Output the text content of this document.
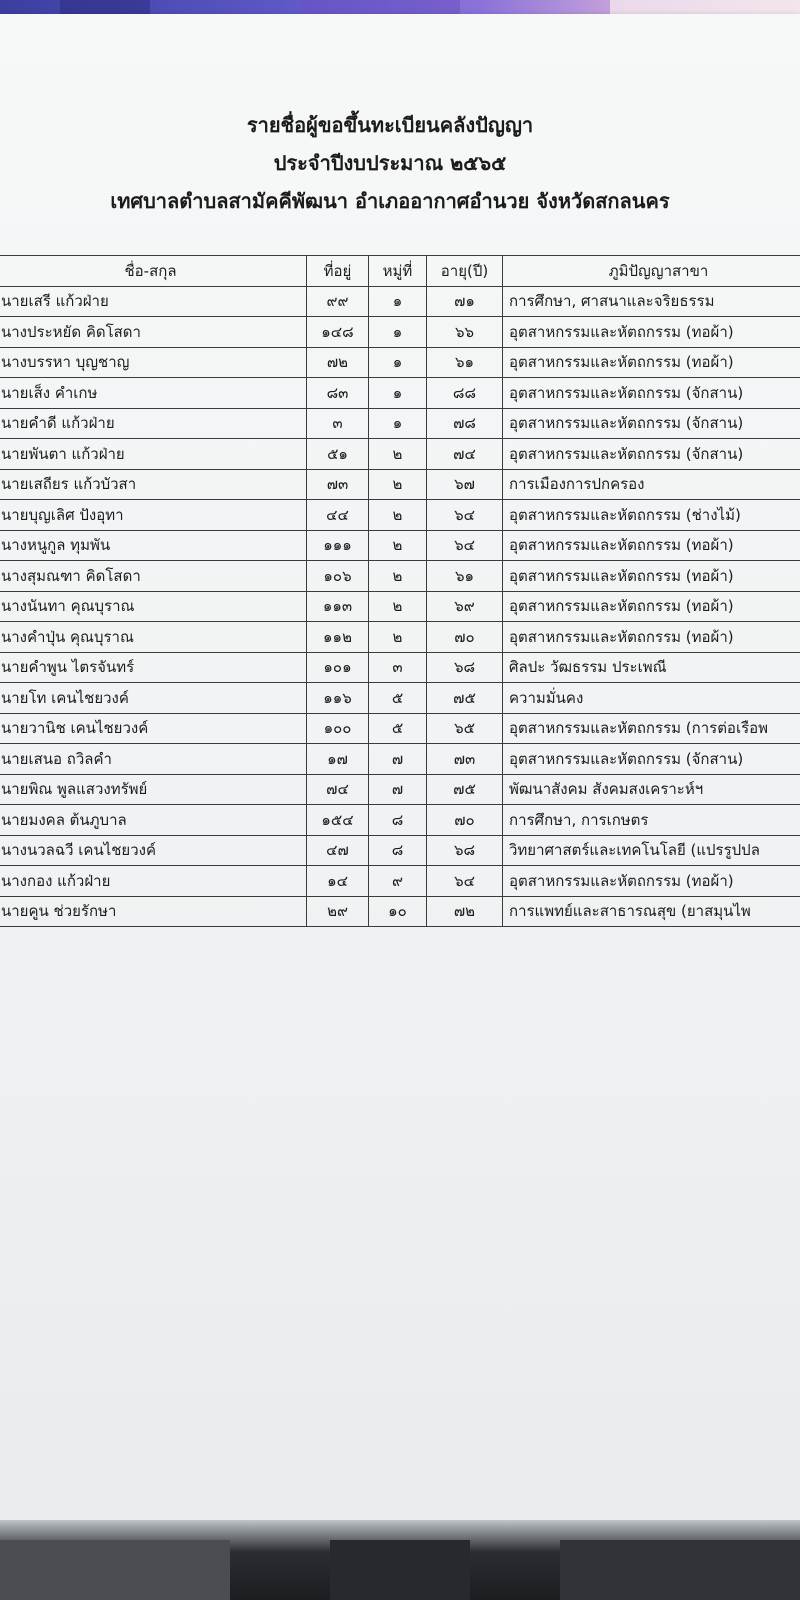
รายชื่อผู้ขอขึ้นทะเบียนคลังปัญญา
ประจำปีงบประมาณ ๒๕๖๕
เทศบาลตำบลสามัคคีพัฒนา อำเภออากาศอำนวย จังหวัดสกลนคร
ชื่อ-สกุล	ที่อยู่	หมู่ที่	อายุ(ปี)	ภูมิปัญญาสาขา
นายเสรี แก้วฝ่าย	๙๙	๑	๗๑	การศึกษา, ศาสนาและจริยธรรม
นางประหยัด คิดโสดา	๑๔๘	๑	๖๖	อุตสาหกรรมและหัตถกรรม (ทอผ้า)
นางบรรหา บุญชาญ	๗๒	๑	๖๑	อุตสาหกรรมและหัตถกรรม (ทอผ้า)
นายเส็ง คำเกษ	๘๓	๑	๘๘	อุตสาหกรรมและหัตถกรรม (จักสาน)
นายคำดี แก้วฝ่าย	๓	๑	๗๘	อุตสาหกรรมและหัตถกรรม (จักสาน)
นายพันตา แก้วฝ่าย	๕๑	๒	๗๔	อุตสาหกรรมและหัตถกรรม (จักสาน)
นายเสถียร แก้วบัวสา	๗๓	๒	๖๗	การเมืองการปกครอง
นายบุญเลิศ ปังอุทา	๔๔	๒	๖๔	อุตสาหกรรมและหัตถกรรม (ช่างไม้)
นางหนูกูล ทุมพัน	๑๑๑	๒	๖๔	อุตสาหกรรมและหัตถกรรม (ทอผ้า)
นางสุมณฑา คิดโสดา	๑๐๖	๒	๖๑	อุตสาหกรรมและหัตถกรรม (ทอผ้า)
นางนันทา คุณบุราณ	๑๑๓	๒	๖๙	อุตสาหกรรมและหัตถกรรม (ทอผ้า)
นางคำปุ่น คุณบุราณ	๑๑๒	๒	๗๐	อุตสาหกรรมและหัตถกรรม (ทอผ้า)
นายคำพูน ไตรจันทร์	๑๐๑	๓	๖๘	ศิลปะ วัฒธรรม ประเพณี
นายโท เคนไชยวงค์	๑๑๖	๕	๗๕	ความมั่นคง
นายวานิช เคนไชยวงค์	๑๐๐	๕	๖๕	อุตสาหกรรมและหัตถกรรม (การต่อเรือพ
นายเสนอ ถวิลคำ	๑๗	๗	๗๓	อุตสาหกรรมและหัตถกรรม (จักสาน)
นายพิณ พูลแสวงทรัพย์	๗๔	๗	๗๕	พัฒนาสังคม สังคมสงเคราะห์ฯ
นายมงคล ต้นภูบาล	๑๕๔	๘	๗๐	การศึกษา, การเกษตร
นางนวลฉวี เคนไชยวงค์	๔๗	๘	๖๘	วิทยาศาสตร์และเทคโนโลยี (แปรรูปปล
นางกอง แก้วฝ่าย	๑๔	๙	๖๔	อุตสาหกรรมและหัตถกรรม (ทอผ้า)
นายคูน ช่วยรักษา	๒๙	๑๐	๗๒	การแพทย์และสาธารณสุข (ยาสมุนไพ
